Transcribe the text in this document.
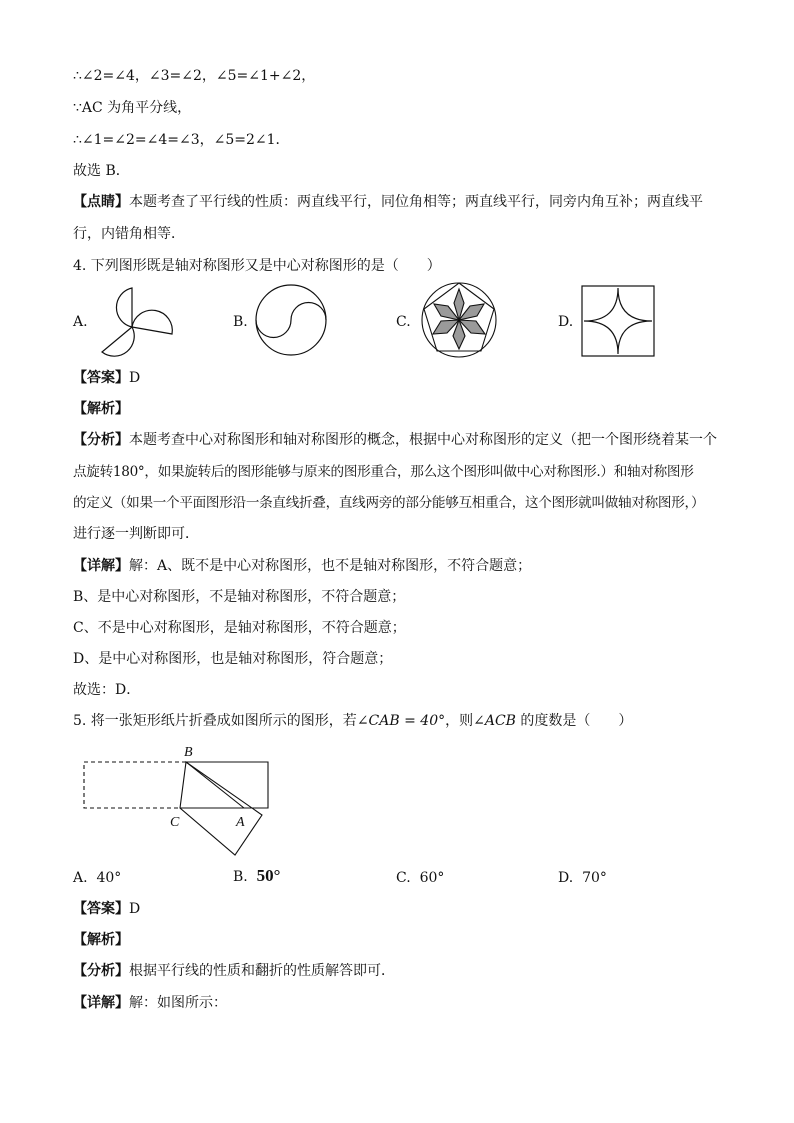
∴∠2=∠4，∠3=∠2，∠5=∠1+∠2，
∵AC 为角平分线，
∴∠1=∠2=∠4=∠3，∠5=2∠1．
故选 B．
【点睛】本题考查了平行线的性质：两直线平行，同位角相等；两直线平行，同旁内角互补；两直线平
行，内错角相等．
4. 下列图形既是轴对称图形又是中心对称图形的是（　　）
A.	B.	C.	D.
【答案】D
【解析】
【分析】本题考查中心对称图形和轴对称图形的概念，根据中心对称图形的定义（把一个图形绕着某一个
点旋转180°，如果旋转后的图形能够与原来的图形重合，那么这个图形叫做中心对称图形.）和轴对称图形
的定义（如果一个平面图形沿一条直线折叠，直线两旁的部分能够互相重合，这个图形就叫做轴对称图形，）
进行逐一判断即可．
【详解】解：A、既不是中心对称图形，也不是轴对称图形，不符合题意；
B、是中心对称图形，不是轴对称图形，不符合题意；
C、不是中心对称图形，是轴对称图形，不符合题意；
D、是中心对称图形，也是轴对称图形，符合题意；
故选：D．
5. 将一张矩形纸片折叠成如图所示的图形，若∠CAB = 40°，则∠ACB 的度数是（　　）
B
C	A
A. 40°	B. 50°	C. 60°	D. 70°
【答案】D
【解析】
【分析】根据平行线的性质和翻折的性质解答即可．
【详解】解：如图所示：
